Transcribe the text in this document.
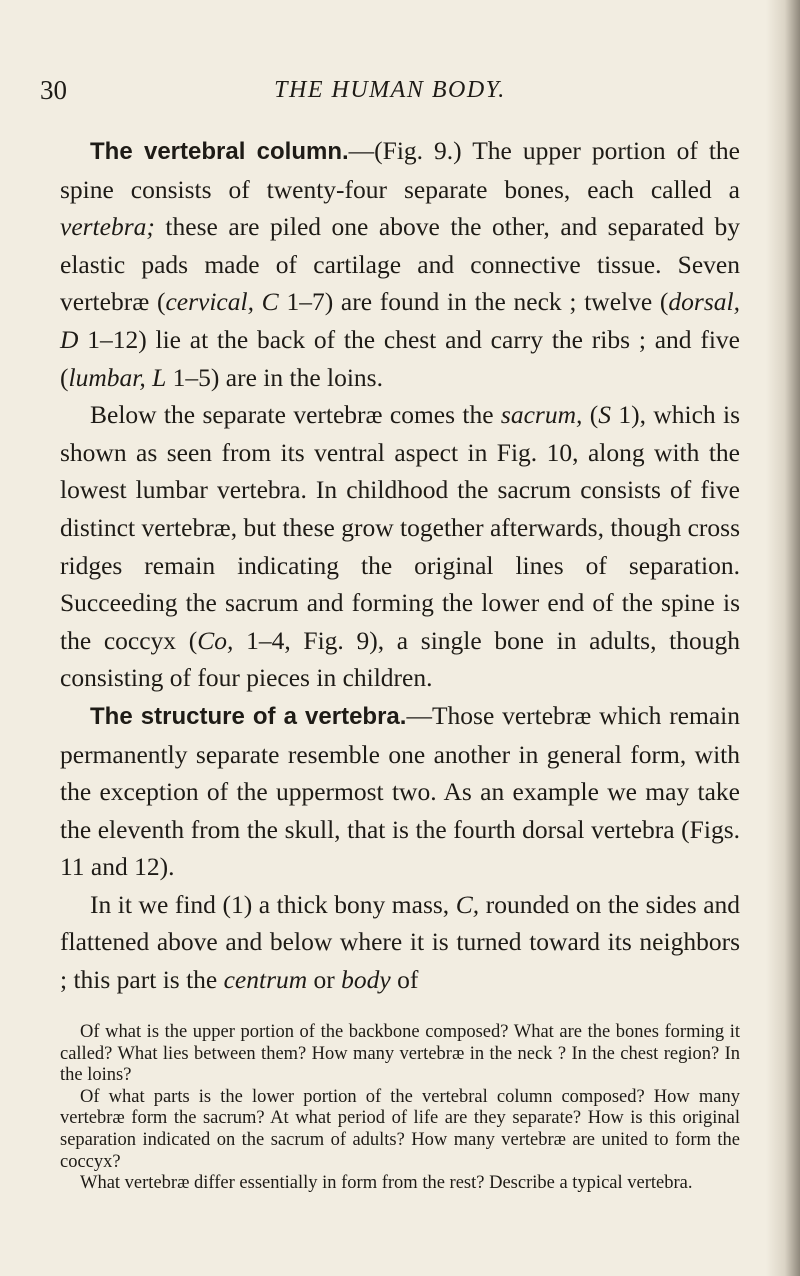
30	THE HUMAN BODY.

The vertebral column.—(Fig. 9.) The upper portion of the spine consists of twenty-four separate bones, each called a vertebra; these are piled one above the other, and separated by elastic pads made of cartilage and connective tissue. Seven vertebræ (cervical, C 1–7) are found in the neck ; twelve (dorsal, D 1–12) lie at the back of the chest and carry the ribs ; and five (lumbar, L 1–5) are in the loins.

Below the separate vertebræ comes the sacrum, (S 1), which is shown as seen from its ventral aspect in Fig. 10, along with the lowest lumbar vertebra. In childhood the sacrum consists of five distinct vertebræ, but these grow together afterwards, though cross ridges remain indicating the original lines of separation. Succeeding the sacrum and forming the lower end of the spine is the coccyx (Co, 1–4, Fig. 9), a single bone in adults, though consisting of four pieces in children.

The structure of a vertebra.—Those vertebræ which remain permanently separate resemble one another in general form, with the exception of the uppermost two. As an example we may take the eleventh from the skull, that is the fourth dorsal vertebra (Figs. 11 and 12).

In it we find (1) a thick bony mass, C, rounded on the sides and flattened above and below where it is turned toward its neighbors ; this part is the centrum or body of

Of what is the upper portion of the backbone composed? What are the bones forming it called? What lies between them? How many vertebræ in the neck ? In the chest region? In the loins?

Of what parts is the lower portion of the vertebral column composed? How many vertebræ form the sacrum? At what period of life are they separate? How is this original separation indicated on the sacrum of adults? How many vertebræ are united to form the coccyx?

What vertebræ differ essentially in form from the rest? Describe a typical vertebra.
